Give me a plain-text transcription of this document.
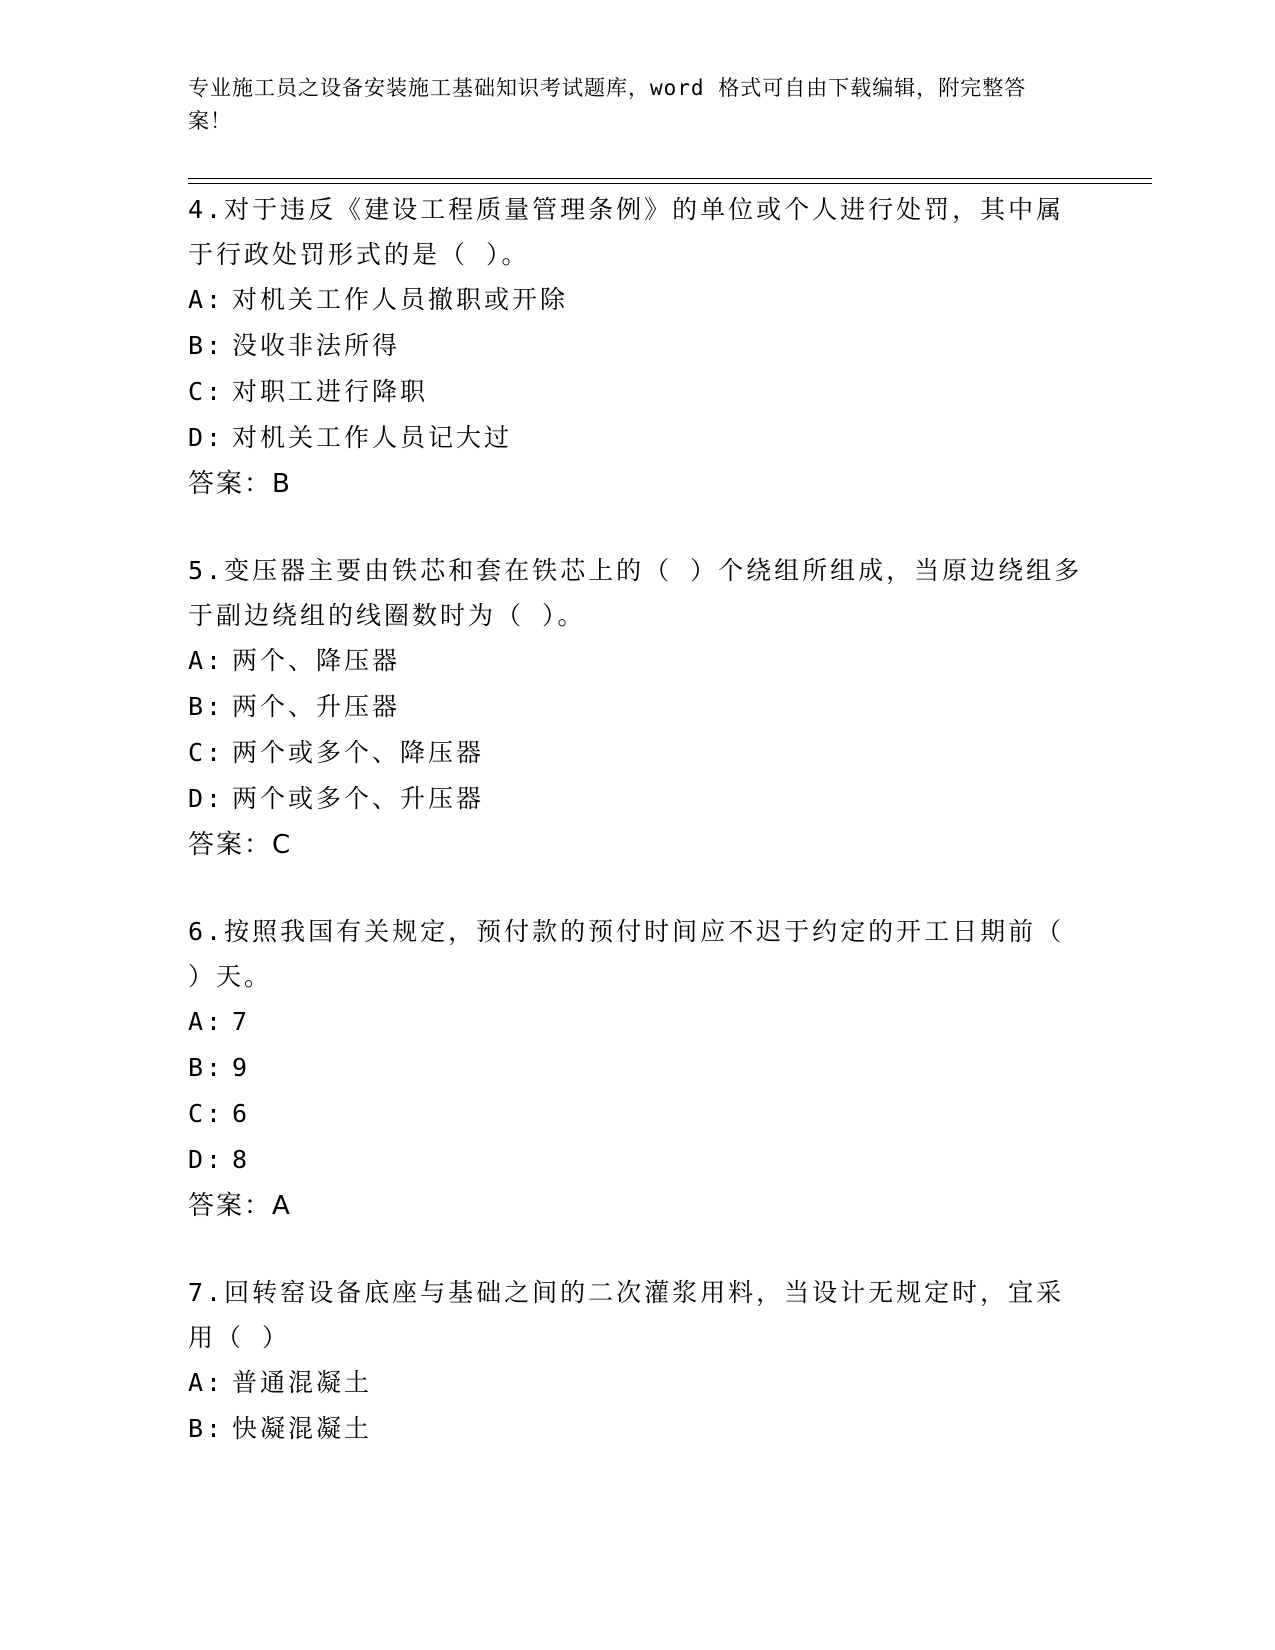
专业施工员之设备安装施工基础知识考试题库，word 格式可自由下载编辑，附完整答案！

4.对于违反《建设工程质量管理条例》的单位或个人进行处罚，其中属于行政处罚形式的是（ ）。

A: 对机关工作人员撤职或开除

B: 没收非法所得

C: 对职工进行降职

D: 对机关工作人员记大过

答案：B

5.变压器主要由铁芯和套在铁芯上的（ ）个绕组所组成，当原边绕组多于副边绕组的线圈数时为（ ）。

A: 两个、降压器

B: 两个、升压器

C: 两个或多个、降压器

D: 两个或多个、升压器

答案：C

6.按照我国有关规定，预付款的预付时间应不迟于约定的开工日期前（ ）天。

A: 7

B: 9

C: 6

D: 8

答案：A

7.回转窑设备底座与基础之间的二次灌浆用料，当设计无规定时，宜采用（ ）

A: 普通混凝土

B: 快凝混凝土
